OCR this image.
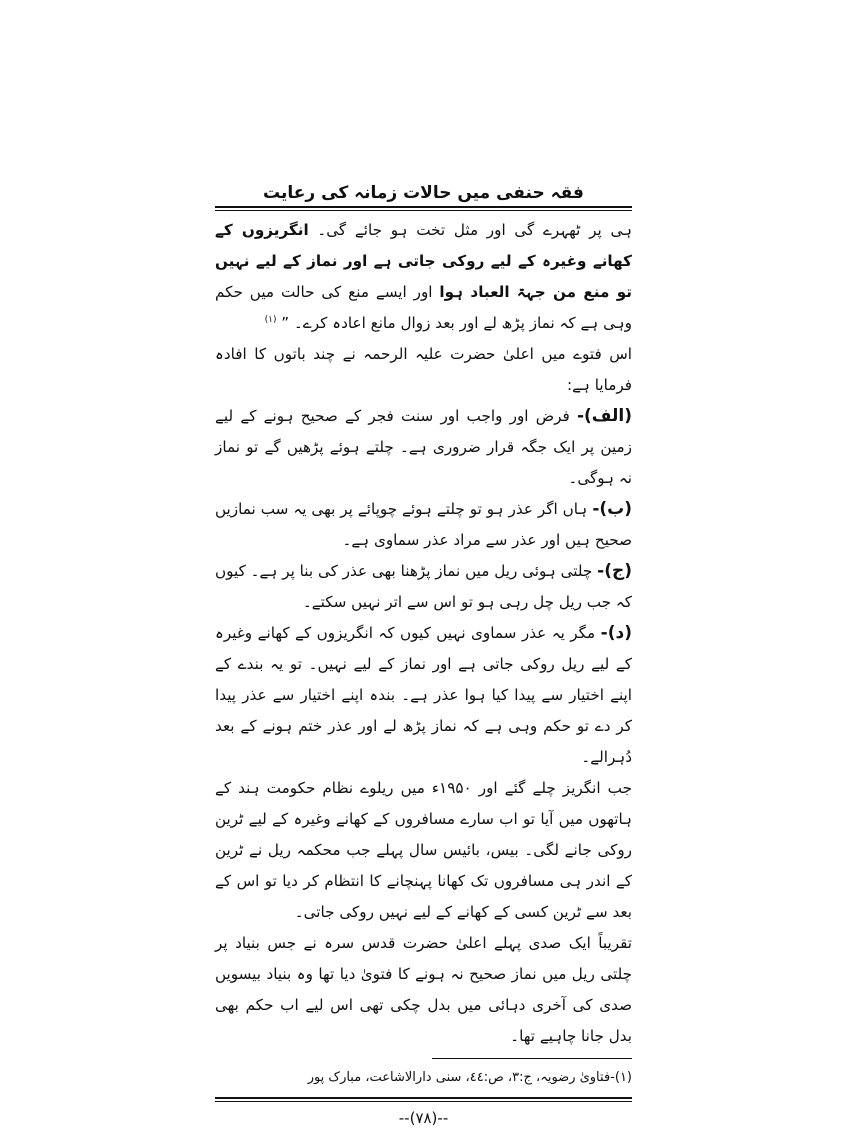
فقہ حنفی میں حالات زمانہ کی رعایت

ہی پر ٹھہرے گی اور مثل تخت ہو جائے گی۔ انگریزوں کے کھانے وغیرہ کے لیے روکی جاتی ہے اور نماز کے لیے نہیں تو منع من جہۃ العباد ہوا اور ایسے منع کی حالت میں حکم وہی ہے کہ نماز پڑھ لے اور بعد زوال مانع اعادہ کرے۔ ” $^{(۱)}$

اس فتوے میں اعلیٰ حضرت علیہ الرحمہ نے چند باتوں کا افادہ فرمایا ہے:

(الف)- فرض اور واجب اور سنت فجر کے صحیح ہونے کے لیے زمین پر ایک جگہ قرار ضروری ہے۔ چلتے ہوئے پڑھیں گے تو نماز نہ ہوگی۔

(ب)- ہاں اگر عذر ہو تو چلتے ہوئے چوپائے پر بھی یہ سب نمازیں صحیح ہیں اور عذر سے مراد عذر سماوی ہے۔

(ج)- چلتی ہوئی ریل میں نماز پڑھنا بھی عذر کی بنا پر ہے۔ کیوں کہ جب ریل چل رہی ہو تو اس سے اتر نہیں سکتے۔

(د)- مگر یہ عذر سماوی نہیں کیوں کہ انگریزوں کے کھانے وغیرہ کے لیے ریل روکی جاتی ہے اور نماز کے لیے نہیں۔ تو یہ بندے کے اپنے اختیار سے پیدا کیا ہوا عذر ہے۔ بندہ اپنے اختیار سے عذر پیدا کر دے تو حکم وہی ہے کہ نماز پڑھ لے اور عذر ختم ہونے کے بعد دُہرالے۔

جب انگریز چلے گئے اور ۱۹۵۰ء میں ریلوے نظام حکومت ہند کے ہاتھوں میں آیا تو اب سارے مسافروں کے کھانے وغیرہ کے لیے ٹرین روکی جانے لگی۔ بیس، بائیس سال پہلے جب محکمہ ریل نے ٹرین کے اندر ہی مسافروں تک کھانا پہنچانے کا انتظام کر دیا تو اس کے بعد سے ٹرین کسی کے کھانے کے لیے نہیں روکی جاتی۔

تقریباً ایک صدی پہلے اعلیٰ حضرت قدس سرہ نے جس بنیاد پر چلتی ریل میں نماز صحیح نہ ہونے کا فتویٰ دیا تھا وہ بنیاد بیسویں صدی کی آخری دہائی میں بدل چکی تھی اس لیے اب حکم بھی بدل جانا چاہیے تھا۔

(۱)-فتاویٰ رضویہ، ج:۳، ص:٤٤، سنی دارالاشاعت، مبارک پور

--(۷۸)--
